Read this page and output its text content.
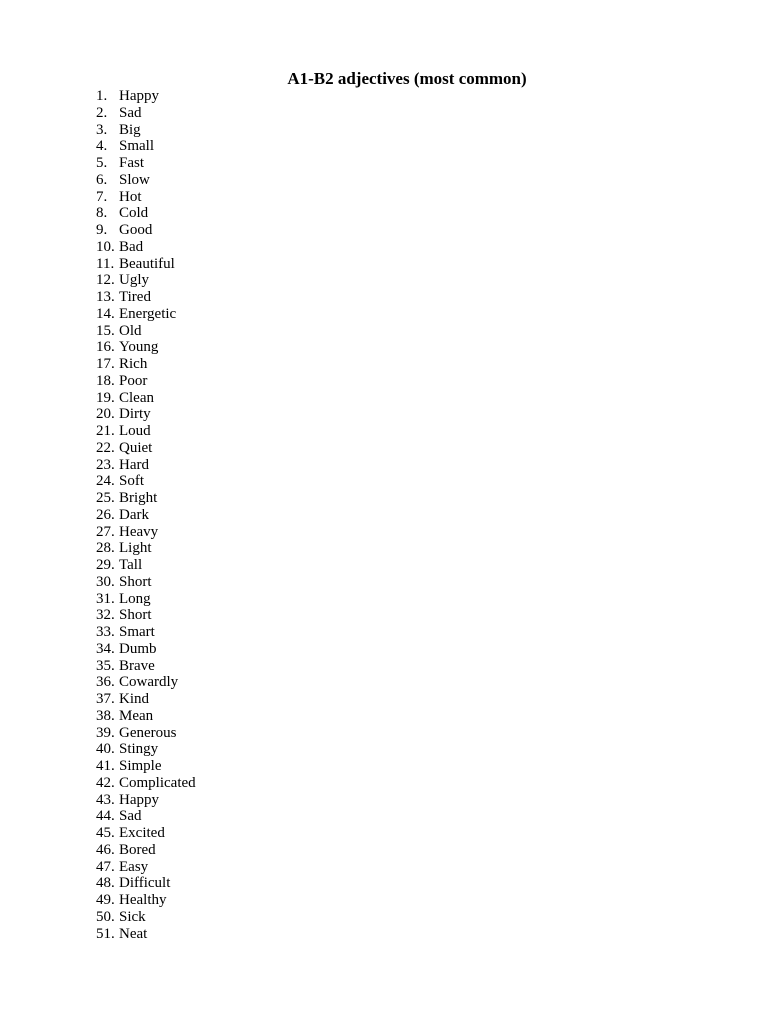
A1-B2 adjectives (most common)
1. Happy
2. Sad
3. Big
4. Small
5. Fast
6. Slow
7. Hot
8. Cold
9. Good
10. Bad
11. Beautiful
12. Ugly
13. Tired
14. Energetic
15. Old
16. Young
17. Rich
18. Poor
19. Clean
20. Dirty
21. Loud
22. Quiet
23. Hard
24. Soft
25. Bright
26. Dark
27. Heavy
28. Light
29. Tall
30. Short
31. Long
32. Short
33. Smart
34. Dumb
35. Brave
36. Cowardly
37. Kind
38. Mean
39. Generous
40. Stingy
41. Simple
42. Complicated
43. Happy
44. Sad
45. Excited
46. Bored
47. Easy
48. Difficult
49. Healthy
50. Sick
51. Neat
